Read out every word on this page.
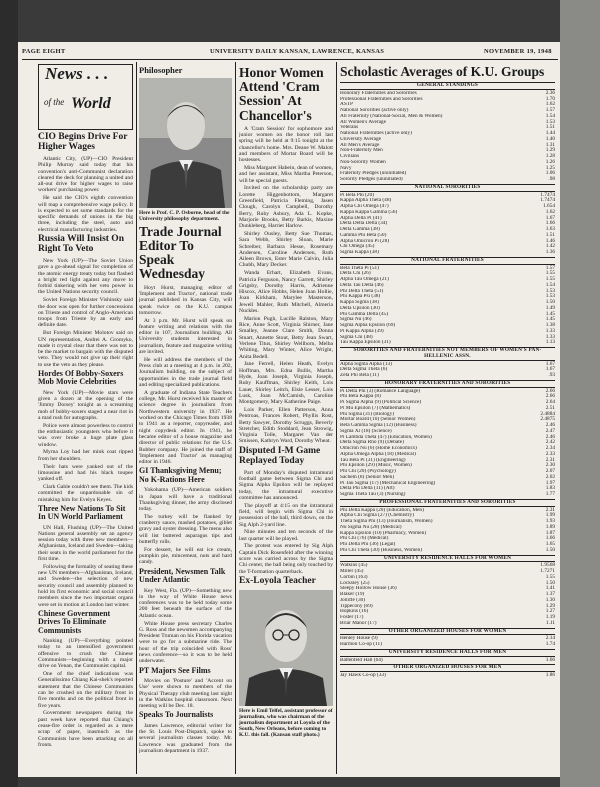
PAGE EIGHT	UNIVERSITY DAILY KANSAN, LAWRENCE, KANSAS	NOVEMBER 19, 1948
News . . .
of the World
CIO Begins Drive For Higher Wages

Atlantic City, (UP)—CIO President Philip Murray said today that his convention's anti-Communist declaration cleared the deck for planning a united and all-out drive for higher wages to raise workers' purchasing power.

He said the CIO's eighth convention will map a comprehensive wage policy. It is expected to set some standards for the specific demands of unions in the big three, including the steel, auto and electrical manufacturing industries.

Russia Will Insist On Right To Veto

New York (UP)—The Soviet Union gave a go-ahead signal for completion of the atomic energy treaty today but flashed a bright red light against any move to forbid tinkering with her veto power in the United Nations security council.

Soviet Foreign Minister Vishinsky said the door was open for further concessions on Trieste and control of Anglo-American troops from Trieste by an early and definite date.

But Foreign Minister Molotov said on UN representation, Andrei A. Gromyko, made it crystal clear that there was not to be the market to bargain with the disputed veto. They would not give up their right to use the veto as they please.

Hordes Of Bobby-Soxers Mob Movie Celebrities

New York (UP)—Movie stars were given a dozen at the opening of the 'Jimmy Dorsey' tonight as a screaming mob of bobby-soxers staged a near riot in a mad rush for autographs.

Police were almost powerless to control the enthusiastic youngsters who before it was over broke a huge plate glass window.

Myrna Loy had her mink coat ripped from her shoulders.

Their hats were yanked out of the limousine and had his black toupee yanked off.

Clark Gable couldn't see them. The kids committed the unpardonable sin of mistaking him for Evelyn Keyes.

Three New Nations To Sit In UN World Parliament

UN Hall, Flushing (UP)—The United Nations general assembly set an agency session today with three new members—Afghanistan, Iceland and Sweden—taking their seats in the world parliament for the first time.

Following the formality of seating these new UN members—Afghanistan, Iceland, and Sweden—the selection of new security council and assembly planned to hold its first economic and social council members since the two important organs were set in motion at London last winter.

Chinese Government Drives To Eliminate Communists

Nanking (UP)—Everything pointed today to an intensified government offensive to crush the Chinese Communists—beginning with a major drive on Yenan, the Communist capital.

One of the chief indications was Generalissimo Chiang Kai-shek's reported statement that the Chinese Communists can be crushed on the military front in five months and on the political front in five years.

Government newspapers during the past week have reported that Chiang's cease-fire order is regarded as a mere scrap of paper, inasmuch as the Communists have been attacking on all fronts.

Philosopher
Here is Prof. C. P. Osborne, head of the University philosophy department.
Trade Journal Editor To Speak Wednesday

Hoyt Hurst, managing editor of 'Implement and Tractor', national trade journal published in Kansas City, will speak twice on the K.U. campus tomorrow.

At 3 p.m. Mr. Hurst will speak on feature writing and relations with the editor in 107, Journalism building. All University students interested in journalism, feature and magazine writing are invited.

He will address the members of the Press club at a meeting at 4 p.m. in 202, Journalism building, on the subject of opportunities in the trade journal field and editing specialized publications.

A graduate of Indiana State Teachers college, Mr. Hurst received his master of science degree in journalism from Northwestern university in 1937. He worked on the Chicago Times from 1938 to 1941 as a reporter, copyreader, and night copydesk editor. In 1941, he became editor of a house magazine and director of public relations for the U.S. Rubber company. He joined the staff of 'Implement and Tractor' as managing editor in 1946.

GI Thanksgiving Menu; No K-Rations Here

Yokohama (UP)—American soldiers in Japan will have a traditional Thanksgiving dinner, the army disclosed today.

The turkey will be flanked by cranberry sauce, mashed potatoes, giblet gravy and oyster dressing. The menu also will list buttered asparagus tips and butterfly rolls.

For dessert, he will eat ice cream, pumpkin pie, mincemeat, nuts and hard candy.

President, Newsmen Talk Under Atlantic

Key West, Fla. (UP)—Something new in the way of White House news conferences was to be held today some 200 feet beneath the surface of the Atlantic ocean.

White House press secretary Charles G. Ross and the newsmen accompanying President Truman on his Florida vacation were to go for a submarine ride. The hour of the trip coincided with Ross' news conference—so it was to be held underwater.

PT Majors See Films

Movies on 'Posture' and 'Accent on Use' were shown to members of the Physical Therapy club meeting last night in the Watkins hospital classroom. Next meeting will be Dec. 18.

Speaks To Journalists

James Lawrence, editorial writer for the St. Louis Post-Dispatch, spoke to several journalism classes today. Mr. Lawrence was graduated from the journalism department in 1937.

Honor Women Attend 'Cram Session' At Chancellor's

A 'Cram Session' for sophomore and junior women on the honor roll last spring will be held at 9:15 tonight at the chancellor's home. Mrs. Deane W. Malott and members of Mortar Board will be hostesses.

Miss Margaret Habein, dean of women, and her assistant, Miss Martha Peterson, will be special guests.

Invited on the scholarship party are Lorette Higgenbottom, Margaret Greenfield, Patricia Fleming, Jasen Clough, Carolyn Campbell, Dorothy Berry, Ruby Asbury, Ada L. Kopke, Marjorie Brooks, Betty Barkis, Maxine Dunkleberg, Harriet Harlow.

Shirley Ousley, Betty Sue Thomas, Sara Webb, Shirley Sloan, Marie Schreiber, Barbara Hesse, Rosemary Andersen, Caroline Andersen, Ruth Aileen Brown, Ester Marie Calvin, Julia Chubb, Mary Decker.

Wanda Erhart, Elizabeth Evans, Patricia Ferguson, Nancy Garrett, Shirley Grigsby, Dorothy Harris, Adrienne Hiscox, Alice Hobbs, Helen Joan Hollie, Joan Kirkham, Marylee Masterson, Jewell Mahler, Ruth Mitchell, Almeria Nuckles.

Marion Pugh, Lucille Ralston, Mary Rice, Anne Scott, Virginia Shirner, Jane Smalley, Jeanne Clare Smith, Donna Stuart, Annette Stout, Betty Jean Swart, Verlene Titus, Shirley Wellborn, Melba Whiting, Mary Winter, Alice Wright, Anita Bedell.

Jane Ferrell, Helen Heath, Evelyn Hoffman, Mrs. Edna Bullis, Martha Hyde, Joan Joseph, Virginia Joseph, Ruby Kauffman, Shirley Keith, Lois Lauer, Shirley Leitch, Elsie Lesser, Lois Lusk, Joan McCamish, Caroline Montgomery, Mary Katherine Paige.

Lois Parker, Ellen Patterson, Anna Pentroas, Frances Robert, Phyllis Rost, Betty Sawyer, Dorothy Scruggs, Beverly Stretcher, Edith Stoddard, Jean Strowig, Virginia Tolle, Margaret Van der Smissen, Kathryn Ward, Dorothy Wheat.

Disputed I-M Game Replayed Today

Part of Monday's disputed intramural football game between Sigma Chi and Sigma Alpha Epsilon will be replayed today, the intramural executive committee has announced.

The playoff at 4:15 on the intramural field, will begin with Sigma Chi in possession of the ball, third down, on the Sig Alph 2-yard line.

Nine minutes and ten seconds of the last quarter will be played.

The protest was entered by Sig Alph Captain Dick Rosenfeld after the winning score was carried across by the Sigma Chi center, the ball being only touched by the T-formation quarterback.

Ex-Loyola Teacher
Here is Emil Telfel, assistant professor of journalism, who was chairman of the journalism department at Loyola of the South, New Orleans, before coming to K.U. this fall. (Kansan staff photo.)
Scholastic Averages of K.U. Groups
GENERAL STANDINGS
Honorary Fraternities and Sororities	2.36
Professional Fraternities and Sororities	1.70
ASTP	1.62
National Sororities (active only)	1.57
All Fraternity (National-Social, Men & Women)	1.54
All Women's Average	1.53
Veterans	1.51
National Fraternities (active only)	1.44
University Average	1.40
All Men's Average	1.31
Non-Fraternity Men	1.29
Civilians	1.28
Non-Sorority Women	1.26
Navy	1.25
Fraternity Pledges (uninitiated)	1.06
Sorority Pledges (uninitiated)	.98
NATIONAL SORORITIES
Pi Beta Phi (20)	1.7474
Kappa Alpha Theta (48)	1.7474
Alpha Chi Omega (47)	1.654
Kappa Kappa Gamma (56)	1.62
Alpha Delta Pi (41)	1.67
Delta Delta Delta (34)	1.66
Delta Gamma (38)	1.63
Gamma Phi Beta (50)	1.51
Alpha Omicron Pi (28)	1.46
Chi Omega (45)	1.42
Sigma Kappa (38)	1.36
NATIONAL FRATERNITIES
Beta Theta Pi (51)	1.57
Delta Chi (26)	1.55
Alpha Tau Omega (21)	1.55
Delta Tau Delta (46)	1.54
Phi Delta Theta (51)	1.53
Phi Kappa Psi (38)	1.53
Kappa Sigma (38)	1.50
Delta Upsilon (30)	1.49
Phi Gamma Delta (45)	1.45
Sigma Nu (46)	1.45
Sigma Alpha Epsilon (69)	1.38
Pi Kappa Alpha (39)	1.33
Sigma Chi (48)	1.33
Tau Kappa Epsilon (31)	1.13
SORORITIES AND FRATERNITIES NOT MEMBERS OF WOMEN'S PAN-HELLENIC ASSN.
Alpha Sigma Alpha (13)	1.67
Delta Sigma Theta (6)	1.67
Zeta Phi Beta (11)	.93
HONORARY FRATERNITIES AND SORORITIES
Pi Delta Phi (3) (Romance Language)	2.66
Phi Beta Kappa (8)	2.66
Pi Sigma Alpha (9) (Political Science)	2.64
Pi Mu Epsilon (7) (Mathematics)	2.51
Phi Sigma (31) (Biology)	2.4884
Mortar Board (10) (Senior Women)	2.4875
Beta Gamma Sigma (12) (Business)	2.46
Sigma Xi (18) (Science)	2.47
Pi Lambda Theta (47) (Education, Women)	2.46
Delta Sigma Rho (9) (Debate)	2.42
Omicron Nu (6) (Home Economics)	2.34
Alpha Omega Alpha (18) (Medical)	2.33
Tau Beta Pi (31) (Engineering)	2.31
Phi Epsilon (29) (Music, Women)	2.30
Phi Chi (20) (Psychology)	2.07
Sachem (8) (Senior Men)	2.02
Pi Tau Sigma (17) (Mechanical Engineering)	1.97
Delta Phi Delta (11) (Art)	1.83
Sigma Theta Tau (3) (Nursing)	1.77
PROFESSIONAL FRATERNITIES AND SORORITIES
Phi Delta Kappa (20) (Education, Men)	2.31
Alpha Chi Sigma (27) (Chemistry)	1.99
Theta Sigma Phi (13) (Journalism, Women)	1.93
Nu Sigma Nu (28) (Medical)	1.89
Kappa Epsilon (10) (Pharmacy, Women)	1.87
Phi Chi (76) (Medical)	1.66
Phi Delta Phi (36) (Legal)	1.65
Phi Chi Theta (30) (Business, Women)	1.50
UNIVERSITY RESIDENCE HALLS FOR WOMEN
Watkins (45)	1.9568
Miller (45)	1.7271
Corbin (163)	1.55
Locksley (25)	1.50
Sleepy Hollow House (36)	1.41
Blaker (19)	1.37
Jolliffe (30)	1.30
Tippecony (69)	1.29
Hopkins (16)	1.27
Foster (17)	1.19
Briar Manor (17)	1.11
OTHER ORGANIZED HOUSES FOR WOMEN
Henley House (9)	2.14
Harmon Co-op (11)	1.74
UNIVERSITY RESIDENCE HALLS FOR MEN
Battenfeld Hall (64)	1.66
OTHER ORGANIZED HOUSES FOR MEN
Jay Hawk Co-op (33)	1.86
